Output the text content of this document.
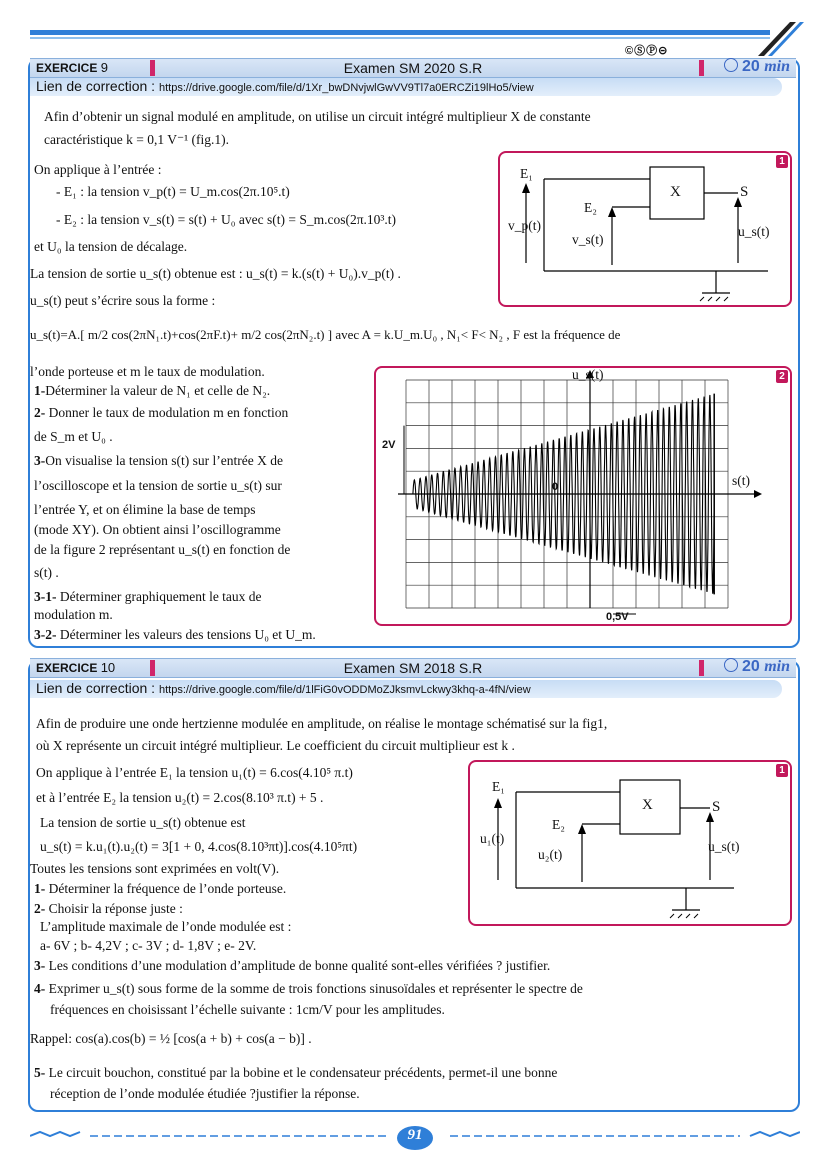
©ⓈⓅ⊝
EXERCICE 9	Examen SM 2020 S.R	20 min
Lien de correction : https://drive.google.com/file/d/1Xr_bwDNvjwlGwVV9Tl7a0ERCZi19lHo5/view
Afin d’obtenir un signal modulé en amplitude, on utilise un circuit intégré multiplieur X de constante
caractéristique k = 0,1 V⁻¹ (fig.1).
On applique à l’entrée :
- E₁ : la tension v_p(t) = U_m.cos(2π.10⁵.t)
- E₂ : la tension v_s(t) = s(t) + U₀ avec s(t) = S_m.cos(2π.10³.t)
et U₀ la tension de décalage.
La tension de sortie u_s(t) obtenue est : u_s(t) = k.(s(t) + U₀).v_p(t) .
u_s(t) peut s’écrire sous la forme :
u_s(t)=A.[ m/2 cos(2πN₁.t)+cos(2πF.t)+ m/2 cos(2πN₂.t) ] avec A = k.U_m.U₀ , N₁< F< N₂ , F est la fréquence de
l’onde porteuse et m le taux de modulation.
1-Déterminer la valeur de N₁ et celle de N₂.
2- Donner le taux de modulation m en fonction
de S_m et U₀ .
3-On visualise la tension s(t) sur l’entrée X de
l’oscilloscope et la tension de sortie u_s(t) sur
l’entrée Y, et on élimine la base de temps
(mode XY). On obtient ainsi l’oscillogramme
de la figure 2 représentant u_s(t) en fonction de
s(t) .
3-1- Déterminer graphiquement le taux de
modulation m.
3-2- Déterminer les valeurs des tensions U₀ et U_m.
1
E₁
E₂
X	S
v_p(t)
v_s(t)
u_s(t)
2
2V
u_s(t)
s(t)
0
0,5V
EXERCICE 10	Examen SM 2018 S.R	20 min
Lien de correction : https://drive.google.com/file/d/1lFiG0vODDMoZJksmvLckwy3khq-a-4fN/view
Afin de produire une onde hertzienne modulée en amplitude, on réalise le montage schématisé sur la fig1,
où X représente un circuit intégré multiplieur. Le coefficient du circuit multiplieur est k .
On applique à l’entrée E₁ la tension u₁(t) = 6.cos(4.10⁵ π.t)
et à l’entrée E₂ la tension u₂(t) = 2.cos(8.10³ π.t) + 5 .
La tension de sortie u_s(t) obtenue est
u_s(t) = k.u₁(t).u₂(t) = 3[1 + 0, 4.cos(8.10³πt)].cos(4.10⁵πt)
Toutes les tensions sont exprimées en volt(V).
1- Déterminer la fréquence de l’onde porteuse.
2- Choisir la réponse juste :
L’amplitude maximale de l’onde modulée est :
a- 6V ; b- 4,2V ; c- 3V ; d- 1,8V ; e- 2V.
3- Les conditions d’une modulation d’amplitude de bonne qualité sont-elles vérifiées ? justifier.
4- Exprimer u_s(t) sous forme de la somme de trois fonctions sinusoïdales et représenter le spectre de
fréquences en choisissant l’échelle suivante : 1cm/V pour les amplitudes.
Rappel: cos(a).cos(b) = ½ [cos(a + b) + cos(a − b)] .
5- Le circuit bouchon, constitué par la bobine et le condensateur précédents, permet-il une bonne
réception de l’onde modulée étudiée ?justifier la réponse.
1
E₁
E₂
X	S
u₁(t)
u₂(t)
u_s(t)
91
